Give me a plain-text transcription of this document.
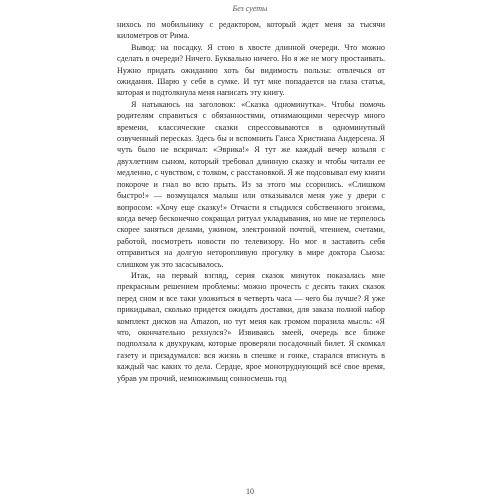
Без суеты

нихось по мобильнику с редактором, который ждет меня за тысячи километров от Рима.

Вывод: на посадку. Я стою в хвосте длинной очереди. Что можно сделать в очереди? Ничего. Буквально ничего. Но я же не могу простаивать. Нужно придать ожиданию хоть бы видимость пользы: отвлечься от ожидания. Шарю у себя в сумке. И тут мне попадается на глаза статья, которая и подтолкнула меня написать эту книгу.

Я натыкаюсь на заголовок: «Сказка одноминутка». Чтобы помочь родителям справиться с обязанностями, отнимающими чересчур много времени, классические сказки спрессовываются в одноминутный озвученный пересказ. Здесь бы и вспомнить Ганса Христиана Андерсена. Я чуть было не вскричал: «Эврика!» Я тут же каждый вечер козыля с двухлетним сыном, который требовал длинную сказку и чтобы читали ее медленно, с чувством, с толком, с расстановкой. Я же подсовывал ему книги покороче и гнал во всю прыть. Из за этого мы ссорились. «Слишком быстро!» — возмущался малыш или отказывался меня уже у двери с вопросом: «Хочу еще сказку!» Отчасти я стыдился собственного эгоизма, когда вечер бесконечно сокращал ритуал укладывания, но мне не терпелось скорее заняться делами, ужином, электронной почтой, чтением, счетами, работой, посмотреть новости по телевизору. Но мог я заставить себя отправиться на долгую неторопливую прогулку в мире доктора Сьюза: слишком уж это засасывалось.

Итак, на первый взгляд, серия сказок минуток показалась мне прекрасным решением проблемы: можно прочесть с десять таких сказок перед сном и все таки уложиться в четверть часа — чего бы лучше? Я уже прикидывал, сколько придется ожидать доставки, для заказа полной набор комплект дисков на Amazon, но тут меня как громом поразила мысль: «Я что, окончательно рехнулся?» Извиваясь змеей, очередь все ближе подползала к двухрукам, которые проверяли посадочный билет. Я скомкал газету и призадумался: вся жизнь в спешке и гонке, старался втиснуть в каждый час каких то дела. Сердце, ярое монотруднующий всё свое время, убрав ум прочий, немножимыщ сонносмешь год

10
